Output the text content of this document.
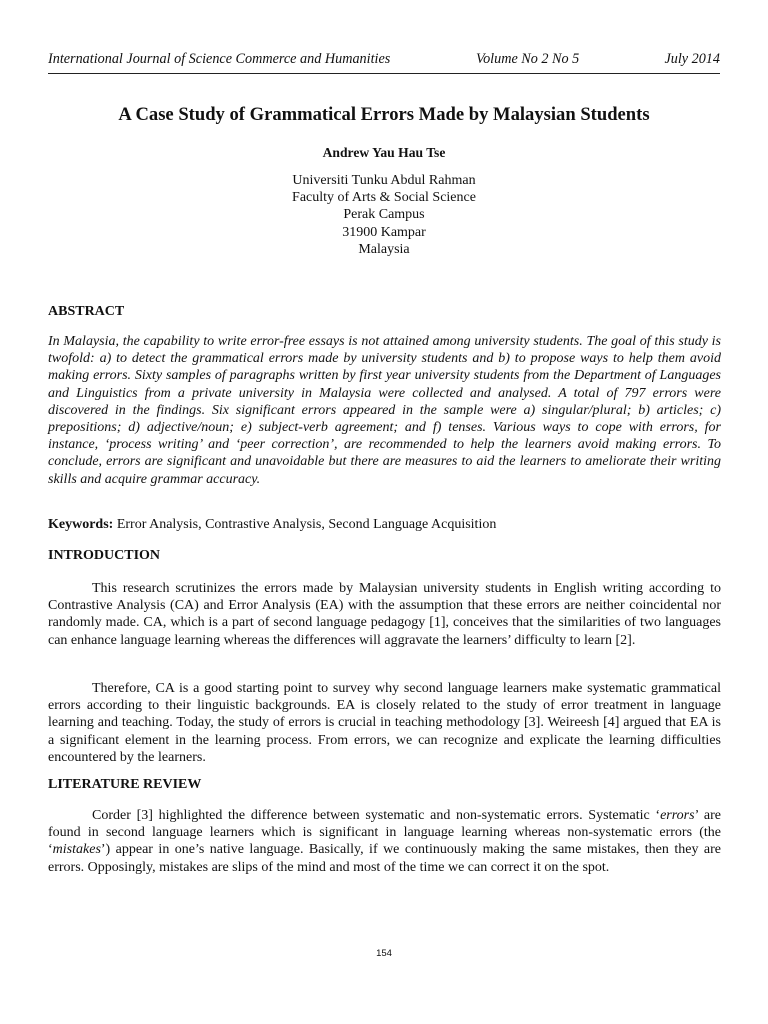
International Journal of Science Commerce and Humanities	Volume No 2 No 5	July 2014
A Case Study of Grammatical Errors Made by Malaysian Students
Andrew Yau Hau Tse
Universiti Tunku Abdul Rahman
Faculty of Arts & Social Science
Perak Campus
31900 Kampar
Malaysia
ABSTRACT

In Malaysia, the capability to write error-free essays is not attained among university students. The goal of this study is twofold: a) to detect the grammatical errors made by university students and b) to propose ways to help them avoid making errors. Sixty samples of paragraphs written by first year university students from the Department of Languages and Linguistics from a private university in Malaysia were collected and analysed. A total of 797 errors were discovered in the findings. Six significant errors appeared in the sample were a) singular/plural; b) articles; c) prepositions; d) adjective/noun; e) subject-verb agreement; and f) tenses. Various ways to cope with errors, for instance, ‘process writing’ and ‘peer correction’, are recommended to help the learners avoid making errors. To conclude, errors are significant and unavoidable but there are measures to aid the learners to ameliorate their writing skills and acquire grammar accuracy.

Keywords: Error Analysis, Contrastive Analysis, Second Language Acquisition

INTRODUCTION

This research scrutinizes the errors made by Malaysian university students in English writing according to Contrastive Analysis (CA) and Error Analysis (EA) with the assumption that these errors are neither coincidental nor randomly made. CA, which is a part of second language pedagogy [1], conceives that the similarities of two languages can enhance language learning whereas the differences will aggravate the learners’ difficulty to learn [2].

Therefore, CA is a good starting point to survey why second language learners make systematic grammatical errors according to their linguistic backgrounds. EA is closely related to the study of error treatment in language learning and teaching. Today, the study of errors is crucial in teaching methodology [3]. Weireesh [4] argued that EA is a significant element in the learning process. From errors, we can recognize and explicate the learning difficulties encountered by the learners.

LITERATURE REVIEW

Corder [3] highlighted the difference between systematic and non-systematic errors. Systematic ‘errors’ are found in second language learners which is significant in language learning whereas non-systematic errors (the ‘mistakes’) appear in one’s native language. Basically, if we continuously making the same mistakes, then they are errors. Opposingly, mistakes are slips of the mind and most of the time we can correct it on the spot.

154
